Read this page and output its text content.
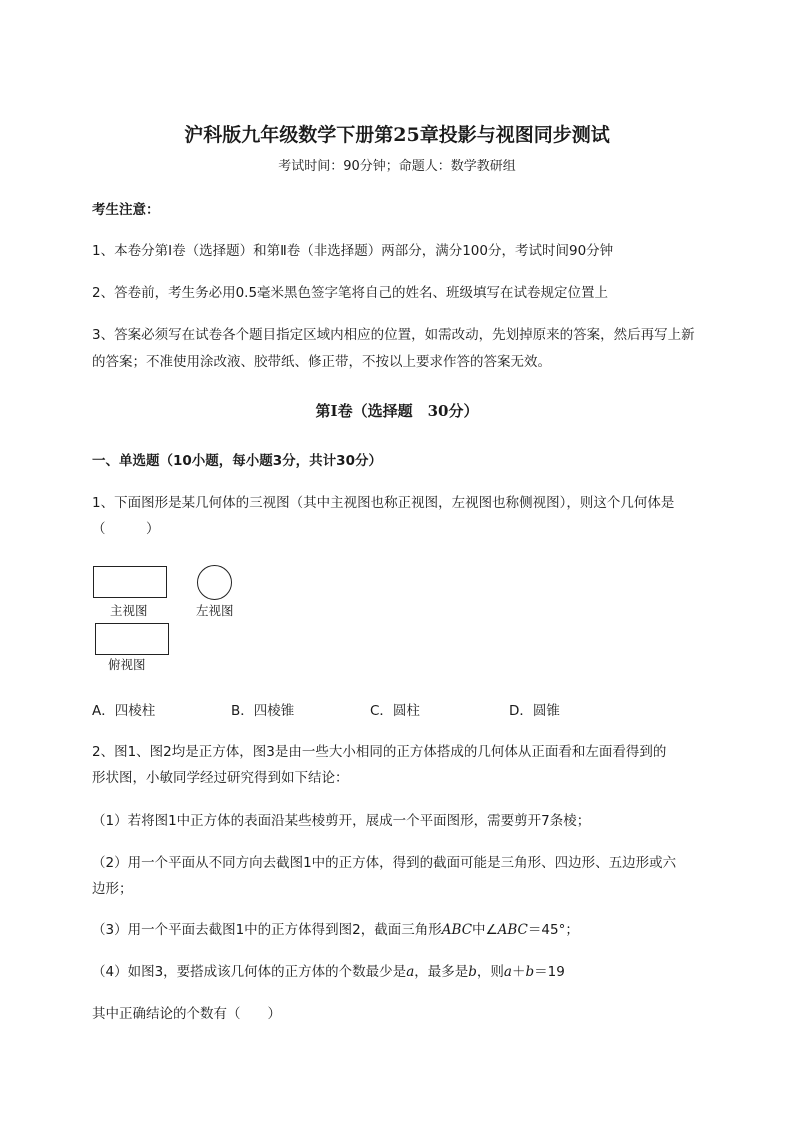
沪科版九年级数学下册第25章投影与视图同步测试
考试时间：90分钟；命题人：数学教研组
考生注意：
1、本卷分第I卷（选择题）和第Ⅱ卷（非选择题）两部分，满分100分，考试时间90分钟
2、答卷前，考生务必用0.5毫米黑色签字笔将自己的姓名、班级填写在试卷规定位置上
3、答案必须写在试卷各个题目指定区域内相应的位置，如需改动，先划掉原来的答案，然后再写上新
的答案；不准使用涂改液、胶带纸、修正带，不按以上要求作答的答案无效。
第I卷（选择题　30分）
一、单选题（10小题，每小题3分，共计30分）
1、下面图形是某几何体的三视图（其中主视图也称正视图，左视图也称侧视图），则这个几何体是
（　　　）
主视图	左视图
俯视图
A．四棱柱	B．四棱锥	C．圆柱	D．圆锥
2、图1、图2均是正方体，图3是由一些大小相同的正方体搭成的几何体从正面看和左面看得到的
形状图，小敏同学经过研究得到如下结论：
（1）若将图1中正方体的表面沿某些棱剪开，展成一个平面图形，需要剪开7条棱；
（2）用一个平面从不同方向去截图1中的正方体，得到的截面可能是三角形、四边形、五边形或六
边形；
（3）用一个平面去截图1中的正方体得到图2，截面三角形ABC中∠ABC＝45°；
（4）如图3，要搭成该几何体的正方体的个数最少是a，最多是b，则a＋b＝19
其中正确结论的个数有（　　）
